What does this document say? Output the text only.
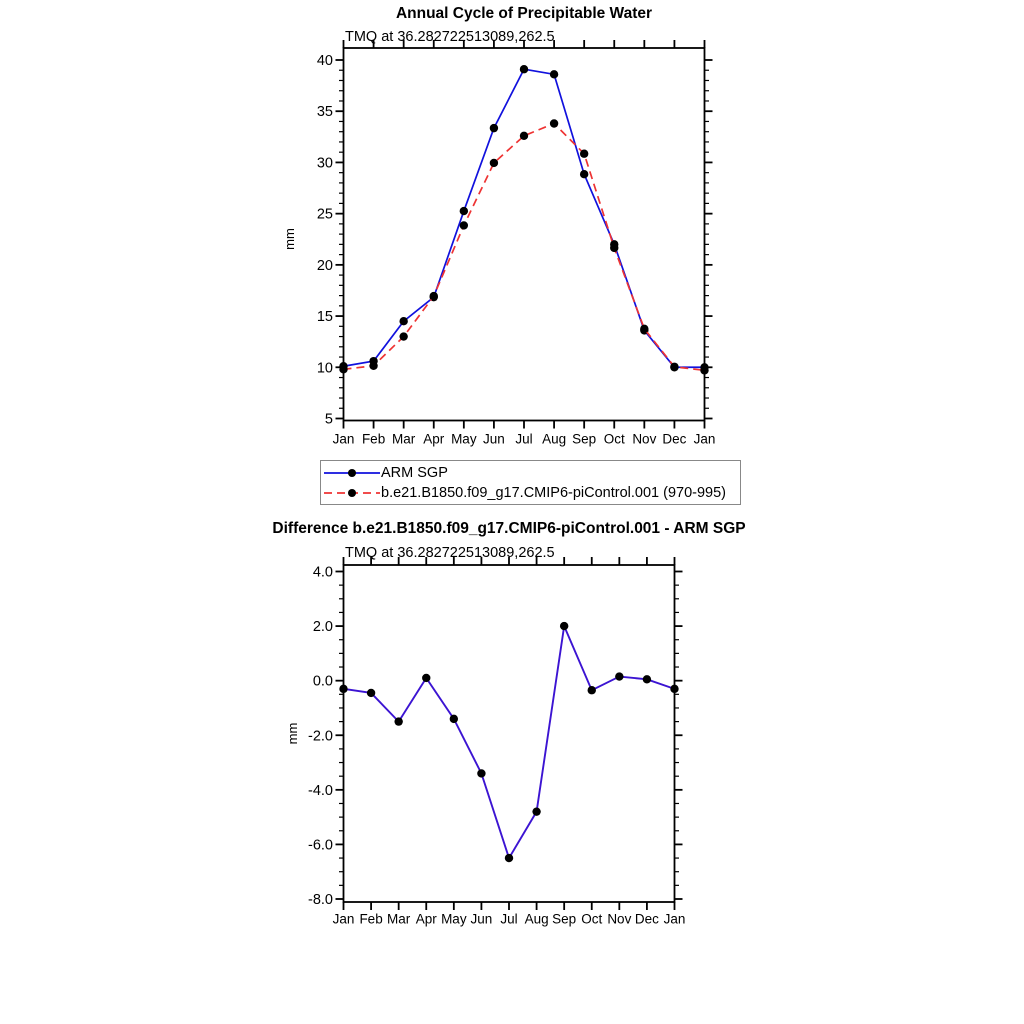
Annual Cycle of Precipitable Water
TMQ at 36.282722513089,262.5
Difference b.e21.B1850.f09_g17.CMIP6-piControl.001 - ARM SGP
TMQ at 36.282722513089,262.5
5
10
15
20
25
30
35
40
Jan Feb Mar Apr May Jun Jul Aug Sep Oct Nov Dec Jan
mm
-8.0
-6.0
-4.0
-2.0
0.0
2.0
4.0
Jan Feb Mar Apr May Jun Jul Aug Sep Oct Nov Dec Jan
mm
ARM SGP
b.e21.B1850.f09_g17.CMIP6-piControl.001 (970-995)
